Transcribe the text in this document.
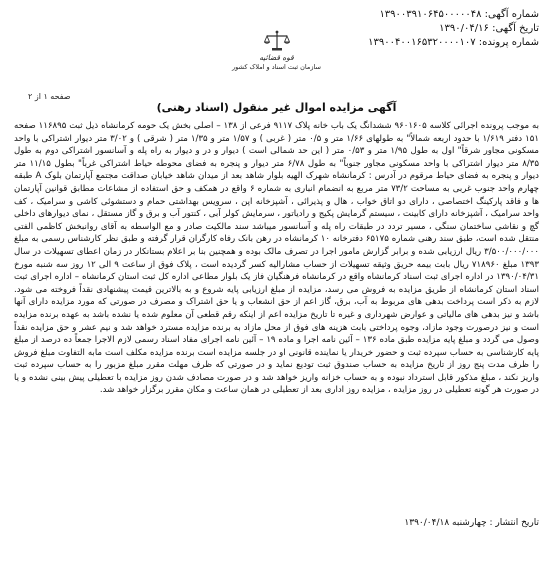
شماره آگهی: ۱۳۹۰۰۳۹۱۰۶۴۵۰۰۰۰۰۴۸
تاریخ آگهی: ۱۳۹۰/۰۴/۱۶
شماره پرونده: ۱۳۹۰۰۴۰۰۱۶۵۳۲۰۰۰۰۱۰۷
قوه قضائیه
سازمان ثبت اسناد و املاک کشور
صفحه ۱ از ۲
آگهی مزایده اموال غیر منقول (اسناد رهنی)
به موجب پرونده اجرائی کلاسه ۹۶۰۱۶۰۵ ششدانگ یک باب خانه پلاک ۹۱۱۷ فرعی از ۱۳۸ – اصلی بخش یک حومه کرمانشاه ذیل ثبت ۱۱۶۸۹۵ صفحه ۱۵۱ دفتر ۱/۶۱۹ با حدود اربعه شمالاً" به طولهای ۱/۶۶ متر و ۰/۵ متر ( غربی ) و ۱/۵۷ متر و ۱/۳۵ متر ( شرقی ) و ۳/۰۲ متر دیوار اشتراکی با واحد مسکونی مجاور شرقاً" اول به طول ۱/۹۵ متر و ۰/۵۳ متر ( این حد شمالی است ) دیوار و در و دیوار به راه پله و آسانسور اشتراکی دوم به طول ۸/۳۵ متر دیوار اشتراکی با واحد مسکونی مجاور جنوباً" به طول ۶/۷۸ متر دیوار و پنجره به فضای محوطه حیاط اشتراکی غرباً" بطول ۱۱/۱۵ متر دیوار و پنجره به فضای حیاط مرقوم در آدرس : کرمانشاه شهرک الهیه بلوار شاهد بعد از میدان شاهد خیابان صداقت مجتمع آپارتمان بلوک A طبقه چهارم واحد جنوب غربی به مساحت ۷۳/۲ متر مربع به انضمام انباری به شماره ۶ واقع در همکف و حق استفاده از مشاعات مطابق قوانین آپارتمان ها و فاقد پارکینگ اختصاصی ، دارای دو اتاق خواب ، هال و پذیرائی ، آشپزخانه اپن ، سرویس بهداشتی حمام و دستشوئی کاشی و سرامیک ، کف واحد سرامیک ، آشپزخانه دارای کابینت ، سیستم گرمایش پکیج و رادیاتور ، سرمایش کولر آبی ، کنتور آب و برق و گاز مستقل ، نمای دیوارهای داخلی گچ و نقاشی ساختمان سنگی ، مسیر تردد در طبقات راه پله و آسانسور میباشد سند مالکیت صادر و مع الواسطه به آقای روانبخش کاظمی الفتی منتقل شده است، طبق سند رهنی شماره ۶۵۱۷۵ دفترخانه ۱۰ کرمانشاه در رهن بانک رفاه کارگران قرار گرفته و طبق نظر کارشناس رسمی به مبلغ ۳/۵۰۰/۰۰۰/۰۰۰ ریال ارزیابی شده و برابر گزارش مامور اجرا در تصرف مالک بوده و همچنین بنا بر اعلام بستانکار در زمان اعطای تسهیلات در سال ۱۳۹۳ مبلغ ۷۱۸۹۶۰ ریال بابت بیمه حریق وثیقه تسهیلات از حساب مشارالیه کسر گردیده است ، پلاک فوق از ساعت ۹ الی ۱۲ روز سه شنبه مورخ ۱۳۹۰/۰۴/۳۱ در اداره اجرای ثبت اسناد کرمانشاه واقع در کرمانشاه فرهنگیان فاز یک بلوار مطاعی اداره کل ثبت استان کرمانشاه – اداره اجرای ثبت اسناد استان کرمانشاه از طریق مزایده به فروش می رسد، مزایده از مبلغ ارزیابی پایه شروع و به بالاترین قیمت پیشنهادی نقداً فروخته می شود. لازم به ذکر است پرداخت بدهی های مربوط به آب، برق، گاز اعم از حق انشعاب و یا حق اشتراک و مصرف در صورتی که مورد مزایده دارای آنها باشد و نیز بدهی های مالیاتی و عوارض شهرداری و غیره تا تاریخ مزایده اعم از اینکه رقم قطعی آن معلوم شده یا نشده باشد به عهده برنده مزایده است و نیز درصورت وجود مازاد، وجوه پرداختی بابت هزینه های فوق از محل مازاد به برنده مزایده مسترد خواهد شد و نیم عشر و حق مزایده نقداً وصول می گردد و مبلغ پایه مزایده طبق ماده ۱۳۶ – آئین نامه اجرا و ماده ۱۹ – آئین نامه اجرای مفاد اسناد رسمی لازم الاجرا جمعاً ده درصد از مبلغ پایه کارشناسی به حساب سپرده ثبت و حضور خریدار یا نماینده قانونی او در جلسه مزایده است برنده مزایده مکلف است مابه التفاوت مبلغ فروش را ظرف مدت پنج روز از تاریخ مزایده به حساب صندوق ثبت تودیع نماید و در صورتی که ظرف مهلت مقرر مبلغ مزبور را به حساب سپرده ثبت واریز نکند ، مبلغ مذکور قابل استرداد نبوده و به حساب خزانه واریز خواهد شد و در صورت مصادف شدن روز مزایده با تعطیلی پیش بینی نشده و یا در صورت هر گونه تعطیلی در روز مزایده ، مزایده روز اداری بعد از تعطیلی در همان ساعت و مکان مقرر برگزار خواهد شد.
تاریخ انتشار : چهارشنبه ۱۳۹۰/۰۴/۱۸
